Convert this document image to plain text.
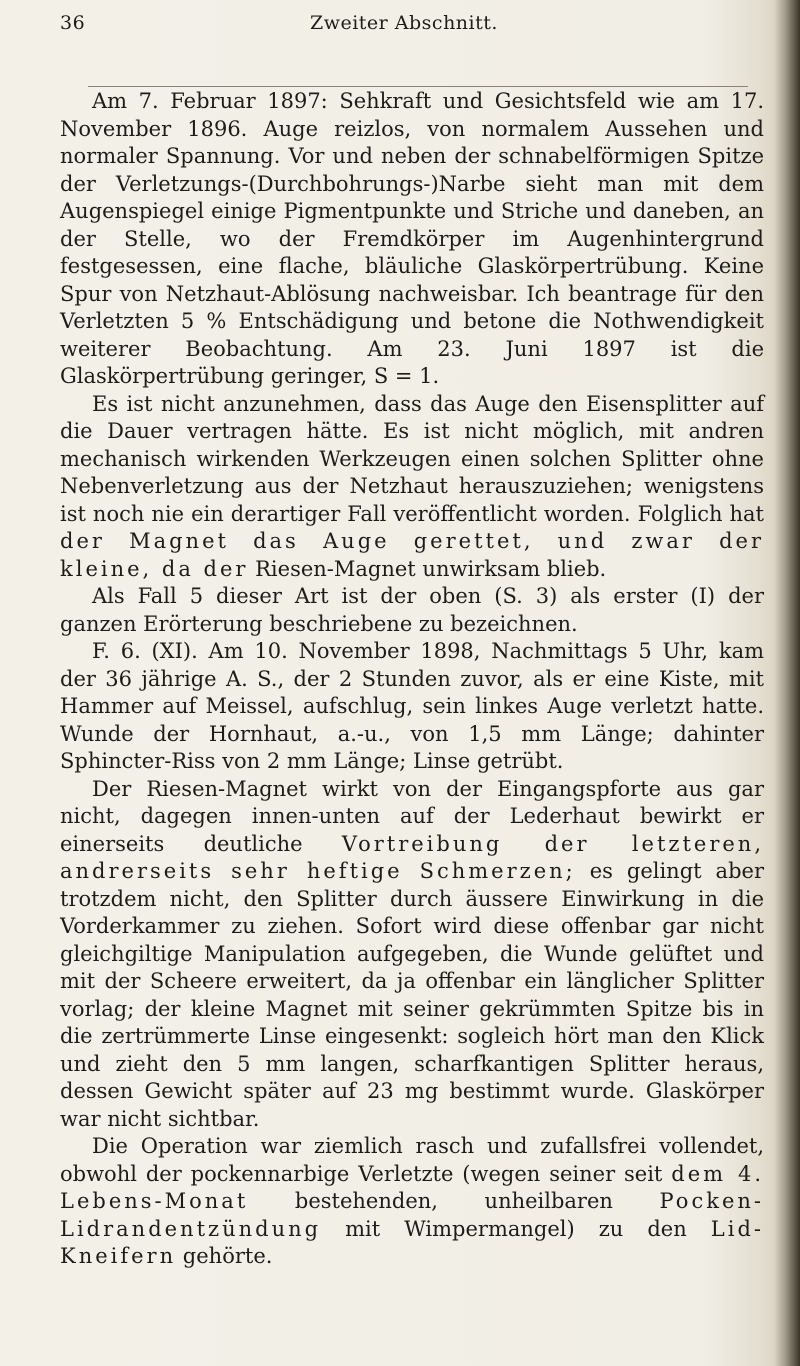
36	Zweiter Abschnitt.

Am 7. Februar 1897: Sehkraft und Gesichtsfeld wie am 17. November 1896. Auge reizlos, von normalem Aussehen und normaler Spannung. Vor und neben der schnabelförmigen Spitze der Verletzungs-(Durchbohrungs-)Narbe sieht man mit dem Augenspiegel einige Pigmentpunkte und Striche und daneben, an der Stelle, wo der Fremdkörper im Augenhintergrund festgesessen, eine flache, bläuliche Glaskörpertrübung. Keine Spur von Netzhaut-Ablösung nachweisbar. Ich beantrage für den Verletzten 5 % Entschädigung und betone die Nothwendigkeit weiterer Beobachtung. Am 23. Juni 1897 ist die Glaskörpertrübung geringer, S = 1.

Es ist nicht anzunehmen, dass das Auge den Eisensplitter auf die Dauer vertragen hätte. Es ist nicht möglich, mit andren mechanisch wirkenden Werkzeugen einen solchen Splitter ohne Nebenverletzung aus der Netzhaut herauszuziehen; wenigstens ist noch nie ein derartiger Fall veröffentlicht worden. Folglich hat der Magnet das Auge gerettet, und zwar der kleine, da der Riesen-Magnet unwirksam blieb.

Als Fall 5 dieser Art ist der oben (S. 3) als erster (I) der ganzen Erörterung beschriebene zu bezeichnen.

F. 6. (XI). Am 10. November 1898, Nachmittags 5 Uhr, kam der 36 jährige A. S., der 2 Stunden zuvor, als er eine Kiste, mit Hammer auf Meissel, aufschlug, sein linkes Auge verletzt hatte. Wunde der Hornhaut, a.-u., von 1,5 mm Länge; dahinter Sphincter-Riss von 2 mm Länge; Linse getrübt.

Der Riesen-Magnet wirkt von der Eingangspforte aus gar nicht, dagegen innen-unten auf der Lederhaut bewirkt er einerseits deutliche Vortreibung der letzteren, andrerseits sehr heftige Schmerzen; es gelingt aber trotzdem nicht, den Splitter durch äussere Einwirkung in die Vorderkammer zu ziehen. Sofort wird diese offenbar gar nicht gleichgiltige Manipulation aufgegeben, die Wunde gelüftet und mit der Scheere erweitert, da ja offenbar ein länglicher Splitter vorlag; der kleine Magnet mit seiner gekrümmten Spitze bis in die zertrümmerte Linse eingesenkt: sogleich hört man den Klick und zieht den 5 mm langen, scharfkantigen Splitter heraus, dessen Gewicht später auf 23 mg bestimmt wurde. Glaskörper war nicht sichtbar.

Die Operation war ziemlich rasch und zufallsfrei vollendet, obwohl der pockennarbige Verletzte (wegen seiner seit dem 4. Lebens-Monat bestehenden, unheilbaren Pocken-Lidrandentzündung mit Wimpermangel) zu den Lid-Kneifern gehörte.
